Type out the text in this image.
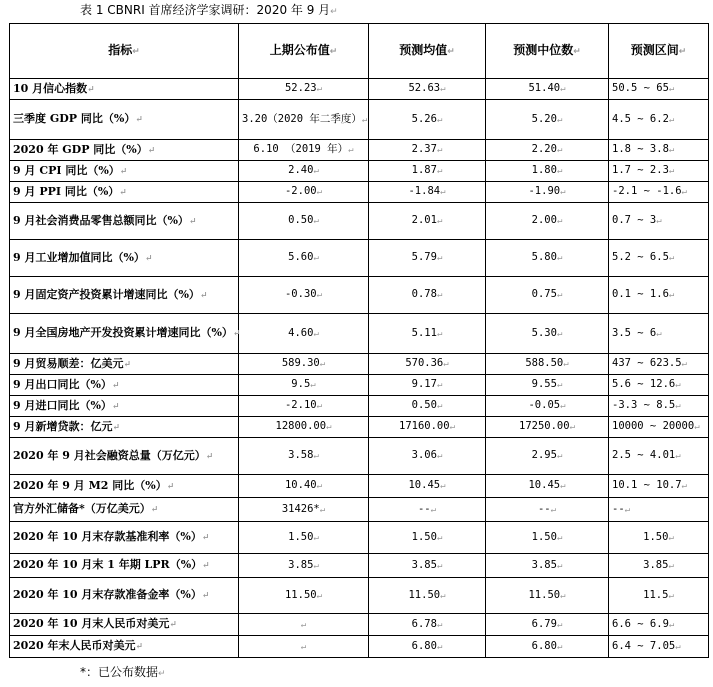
表 1 CBNRI 首席经济学家调研：2020 年 9 月↵
指标↵	上期公布值↵	预测均值↵	预测中位数↵	预测区间↵
10 月信心指数↵	52.23↵	52.63↵	51.40↵	50.5 ~ 65↵
三季度 GDP 同比（%）↵	3.20（2020 年二季度）↵	5.26↵	5.20↵	4.5 ~ 6.2↵
2020 年 GDP 同比（%）↵	6.10 （2019 年）↵	2.37↵	2.20↵	1.8 ~ 3.8↵
9 月 CPI 同比（%）↵	2.40↵	1.87↵	1.80↵	1.7 ~ 2.3↵
9 月 PPI 同比（%）↵	-2.00↵	-1.84↵	-1.90↵	-2.1 ~ -1.6↵
9 月社会消费品零售总额同比（%）↵	0.50↵	2.01↵	2.00↵	0.7 ~ 3↵
9 月工业增加值同比（%）↵	5.60↵	5.79↵	5.80↵	5.2 ~ 6.5↵
9 月固定资产投资累计增速同比（%）↵	-0.30↵	0.78↵	0.75↵	0.1 ~ 1.6↵
9 月全国房地产开发投资累计增速同比（%）↵	4.60↵	5.11↵	5.30↵	3.5 ~ 6↵
9 月贸易顺差：亿美元↵	589.30↵	570.36↵	588.50↵	437 ~ 623.5↵
9 月出口同比（%）↵	9.5↵	9.17↵	9.55↵	5.6 ~ 12.6↵
9 月进口同比（%）↵	-2.10↵	0.50↵	-0.05↵	-3.3 ~ 8.5↵
9 月新增贷款：亿元↵	12800.00↵	17160.00↵	17250.00↵	10000 ~ 20000↵
2020 年 9 月社会融资总量（万亿元）↵	3.58↵	3.06↵	2.95↵	2.5 ~ 4.01↵
2020 年 9 月 M2 同比（%）↵	10.40↵	10.45↵	10.45↵	10.1 ~ 10.7↵
官方外汇储备*（万亿美元）↵	31426*↵	--↵	--↵	--↵
2020 年 10 月末存款基准利率（%）↵	1.50↵	1.50↵	1.50↵	1.50↵
2020 年 10 月末 1 年期 LPR（%）↵	3.85↵	3.85↵	3.85↵	3.85↵
2020 年 10 月末存款准备金率（%）↵	11.50↵	11.50↵	11.50↵	11.5↵
2020 年 10 月末人民币对美元↵	↵	6.78↵	6.79↵	6.6 ~ 6.9↵
2020 年末人民币对美元↵	↵	6.80↵	6.80↵	6.4 ~ 7.05↵
*：已公布数据↵
